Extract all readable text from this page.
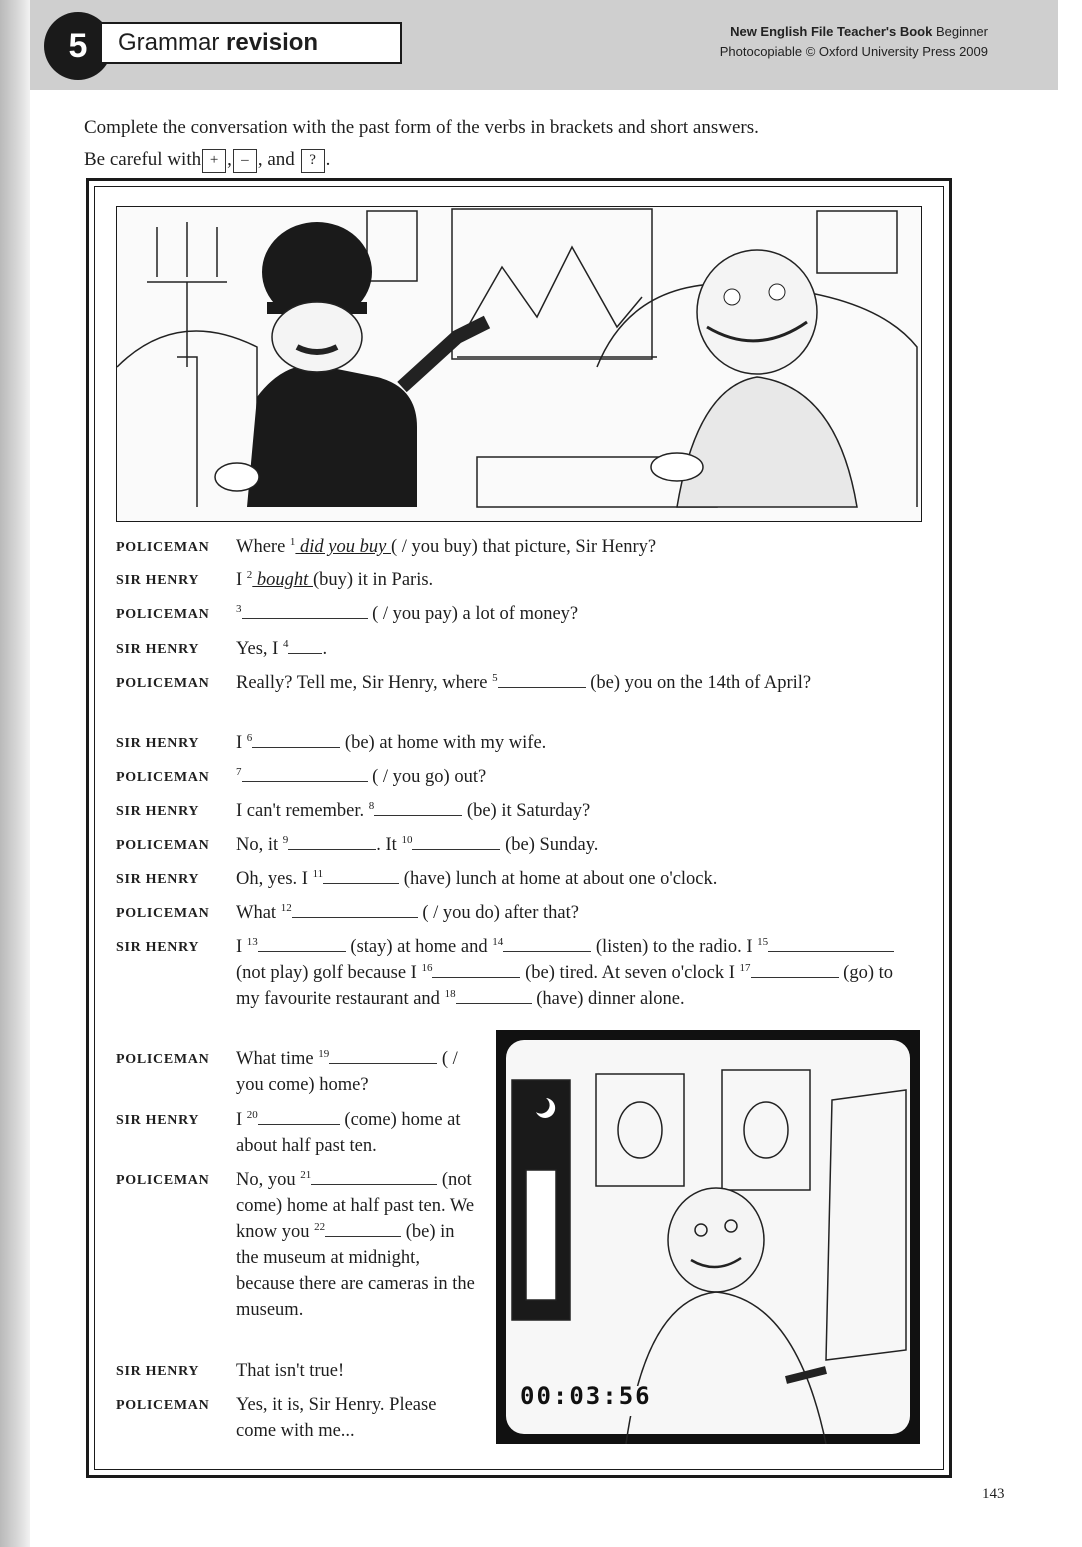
5	Grammar revision	New English File Teacher's Book Beginner
Photocopiable © Oxford University Press 2009
Complete the conversation with the past form of the verbs in brackets and short answers.
Be careful with + , – , and ? .
POLICEMAN Where $^1$ did you buy ( / you buy) that picture, Sir Henry?
SIR HENRY I $^2$ bought (buy) it in Paris.
POLICEMAN $^3$	( / you pay) a lot of money?
SIR HENRY Yes, I $^4$ .
POLICEMAN Really? Tell me, Sir Henry, where $^5$	(be) you on the 14th of April?
SIR HENRY I $^6$	(be) at home with my wife.
POLICEMAN $^7$	( / you go) out?
SIR HENRY I can't remember. $^8$	(be) it Saturday?
POLICEMAN No, it $^9$	. It $^{10}$	(be) Sunday.
SIR HENRY Oh, yes. I $^{11}$	(have) lunch at home at about one o'clock.
POLICEMAN What $^{12}$	( / you do) after that?
SIR HENRY I $^{13}$	(stay) at home and $^{14}$	(listen) to the radio. I $^{15}$ (not play) golf because I $^{16}$	(be) tired. At seven o'clock I $^{17}$	(go) to my favourite restaurant and $^{18}$	(have) dinner alone.
POLICEMAN What time $^{19}$	( / you come) home?
SIR HENRY I $^{20}$	(come) home at about half past ten.
POLICEMAN No, you $^{21}$	(not come) home at half past ten. We know you $^{22}$	(be) in the museum at midnight, because there are cameras in the museum.
SIR HENRY That isn't true!
POLICEMAN Yes, it is, Sir Henry. Please come with me...
00:03:56
143
